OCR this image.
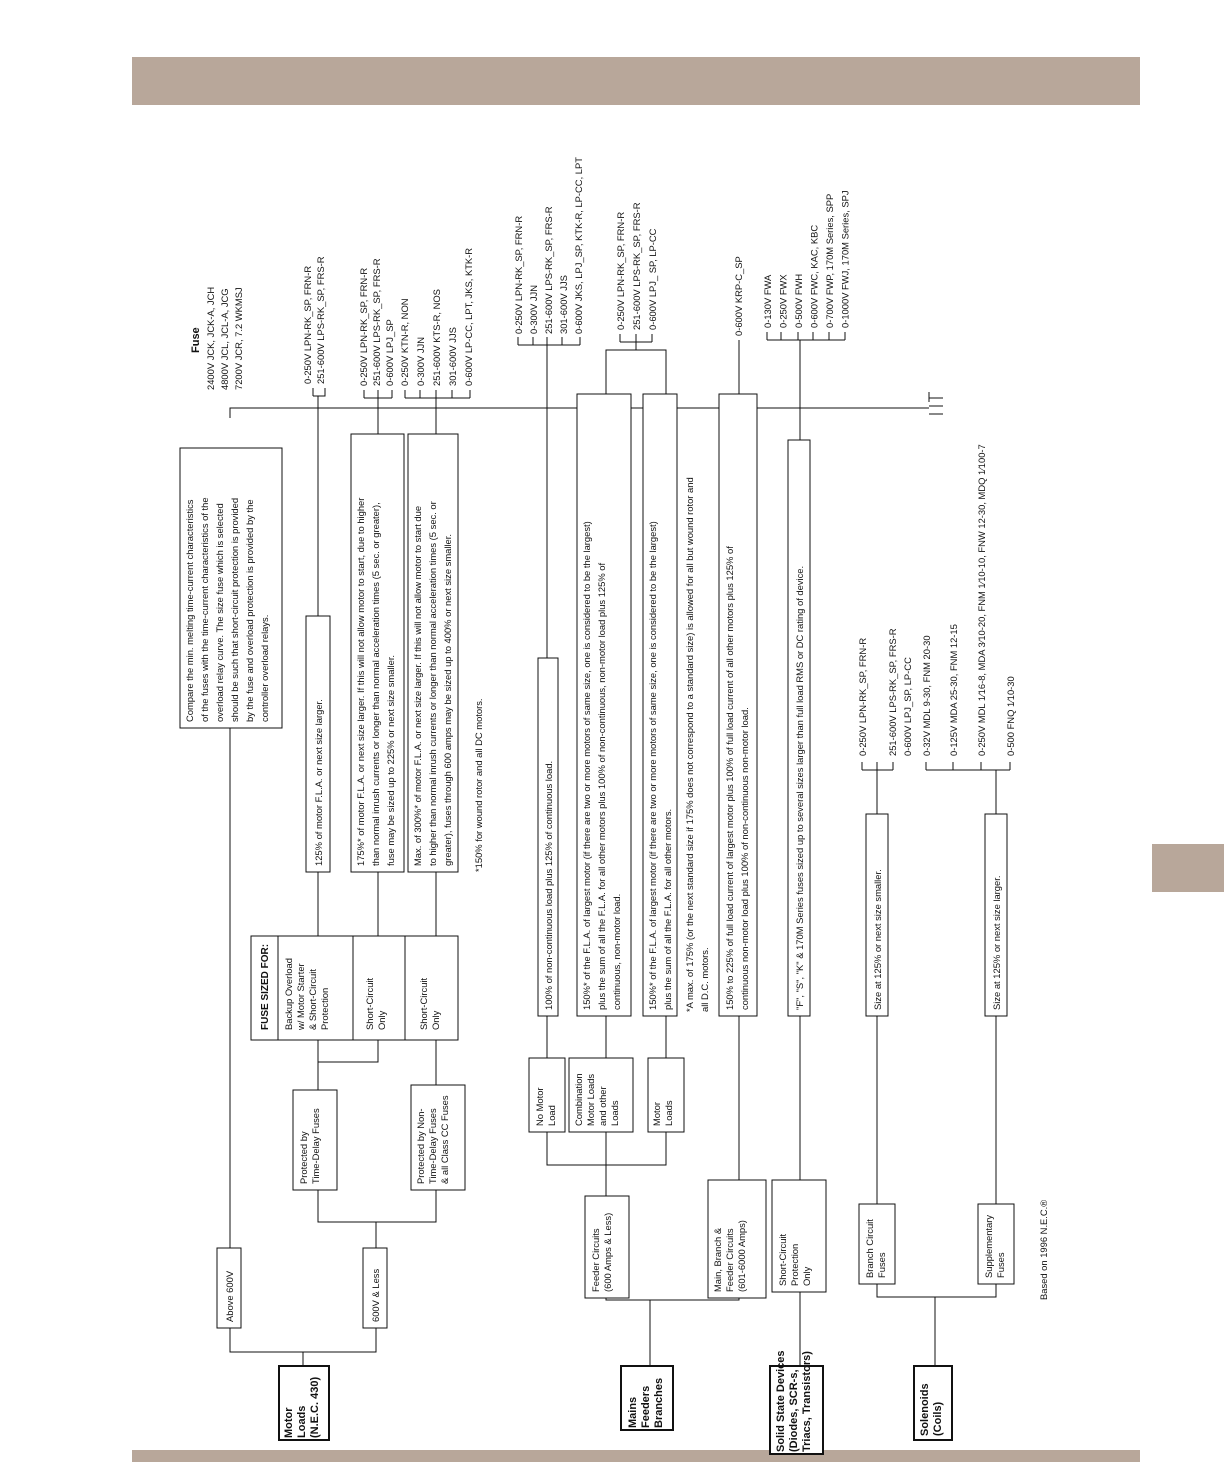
Motor Loads (N.E.C. 430)	Mains Feeders Branches	Solid State Devices (Diodes, SCR-s, Triacs, Transistors)	Solenoids (Coils)
Above 600V	600V & Less
Protected by Time-Delay Fuses	Protected by Non- Time-Delay Fuses & all Class CC Fuses
FUSE SIZED FOR: Backup Overload w/ Motor Starter & Short-Circuit Protection	Short-Circuit Only	Short-Circuit Only
Compare the min. melting time-current characteristics of the fuses with the time-current characteristics of the overload relay curve. The size fuse which is selected should be such that short-circuit protection is provided by the fuse and overload protection is provided by the controller overload relays.
125% of motor F.L.A. or next size larger.	175%* of motor F.L.A. or next size larger. If this will not allow motor to start, due to higher than normal inrush currents or longer than normal acceleration times (5 sec. or greater), fuse may be sized up to 225% or next size smaller. Max. of 300%* of motor F.L.A. or next size larger. If this will not allow motor to start due to higher than normal inrush currents or longer than normal acceleration times (5 sec. or greater), fuses through 600 amps may be sized up to 400% or next size smaller. *150% for wound rotor and all DC motors.
Fuse 2400V JCK, JCK-A, JCH 4800V JCL, JCL-A, JCG 7200V JCR, 7.2 WKMSJ	0-250V LPN-RK_SP, FRN-R 251-600V LPS-RK_SP, FRS-R	0-250V LPN-RK_SP, FRN-R 251-600V LPS-RK_SP, FRS-R 0-600V LPJ_SP 0-250V KTN-R, NON 0-300V JJN 251-600V KTS-R, NOS 301-600V JJS 0-600V LP-CC, LPT, JKS, KTK-R
Feeder Circuits (600 Amps & Less)	Main, Branch & Feeder Circuits (601-6000 Amps)
No Motor Load Combination Motor Loads and other Loads	Motor Loads
100% of non-continuous load plus 125% of continuous load.	150%* of the F.L.A. of largest motor (if there are two or more motors of same size, one is considered to be the largest) plus the sum of all the F.L.A. for all other motors plus 100% of non-continuous, non-motor load plus 125% of continuous, non-motor load.	150%* of the F.L.A. of largest motor (if there are two or more motors of same size, one is considered to be the largest) plus the sum of all the F.L.A. for all other motors. *A max. of 175% (or the next standard size if 175% does not correspond to a standard size) is allowed for all but wound rotor and all D.C. motors. 150% to 225% of full load current of largest motor plus 100% of full load current of all other motors plus 125% of continuous non-motor load plus 100% of non-continuous non-motor load.
0-250V LPN-RK_SP, FRN-R 0-300V JJN 251-600V LPS-RK_SP, FRS-R 301-600V JJS 0-600V JKS, LPJ_SP, KTK-R, LP-CC, LPT	0-250V LPN-RK_SP, FRN-R 251-600V LPS-RK_SP, FRS-R 0-600V LPJ_ SP, LP-CC	0-600V KRP-C_SP
Short-Circuit Protection Only
"F", "S", "K" & 170M Series fuses sized up to several sizes larger than full load RMS or DC rating of device.
0-130V FWA 0-250V FWX 0-500V FWH 0-600V FWC, KAC, KBC 0-700V FWP, 170M Series, SPP 0-1000V FWJ, 170M Series, SPJ
Branch Circuit Fuses	Supplementary Fuses
Size at 125% or next size smaller.	Size at 125% or next size larger.
0-250V LPN-RK_SP, FRN-R 251-600V LPS-RK_SP, FRS-R 0-600V LPJ_SP, LP-CC 0-32V MDL 9-30, FNM 20-30 0-125V MDA 25-30, FNM 12-15 0-250V MDL 1⁄16-8, MDA 3⁄10-20, FNM 1⁄10-10, FNW 12-30, MDQ 1⁄100-7 0-500 FNQ 1⁄10-30
Based on 1996 N.E.C.®
